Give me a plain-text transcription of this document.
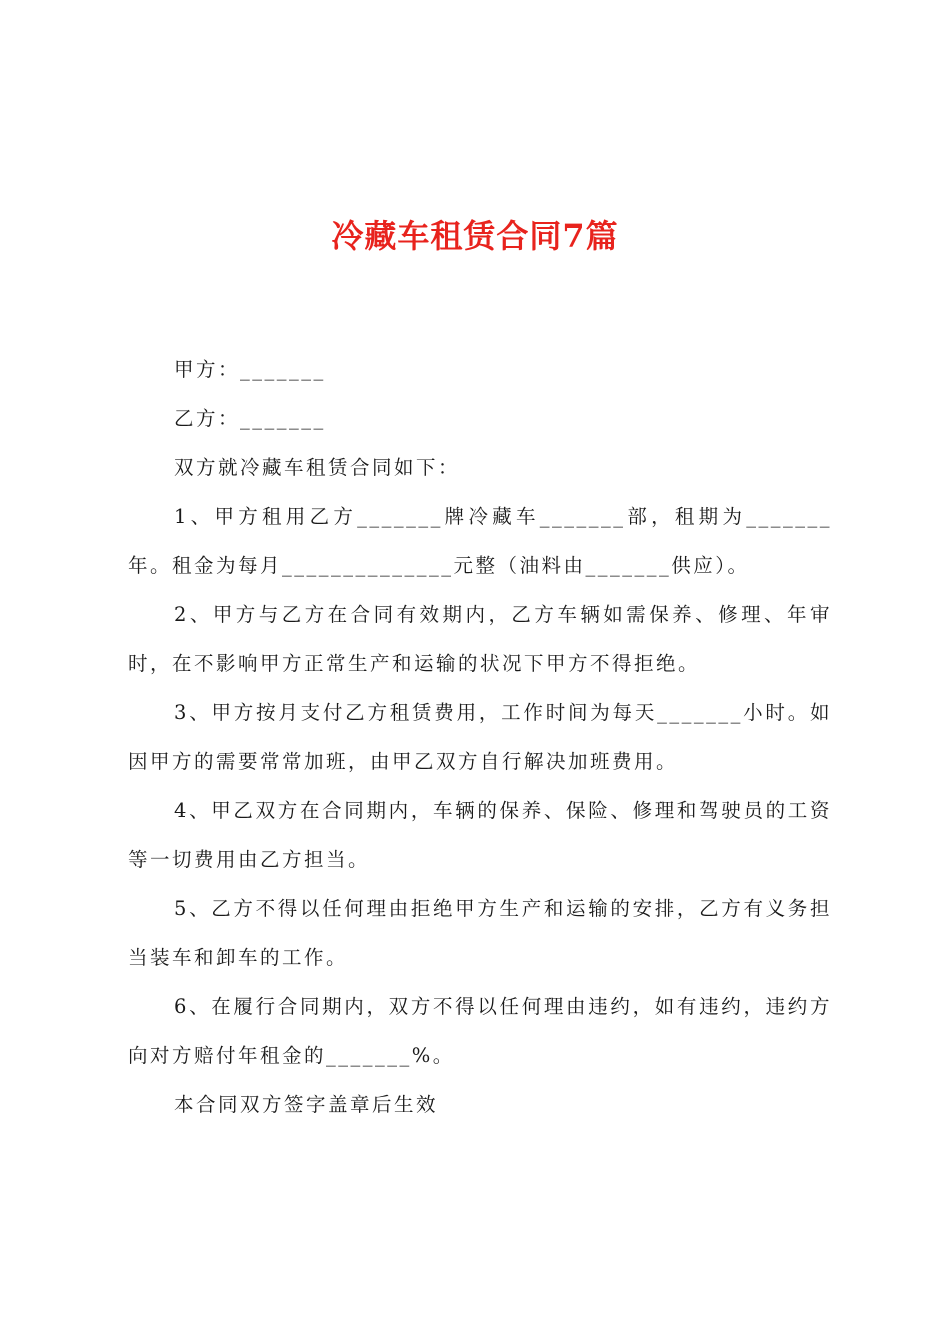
冷藏车租赁合同7篇

甲方：_______

乙方：_______

双方就冷藏车租赁合同如下：

1、甲方租用乙方_______牌冷藏车_______部，租期为_______年。租金为每月______________元整（油料由_______供应）。

2、甲方与乙方在合同有效期内，乙方车辆如需保养、修理、年审时，在不影响甲方正常生产和运输的状况下甲方不得拒绝。

3、甲方按月支付乙方租赁费用，工作时间为每天_______小时。如因甲方的需要常常加班，由甲乙双方自行解决加班费用。

4、甲乙双方在合同期内，车辆的保养、保险、修理和驾驶员的工资等一切费用由乙方担当。

5、乙方不得以任何理由拒绝甲方生产和运输的安排，乙方有义务担当装车和卸车的工作。

6、在履行合同期内，双方不得以任何理由违约，如有违约，违约方向对方赔付年租金的_______%。

本合同双方签字盖章后生效
